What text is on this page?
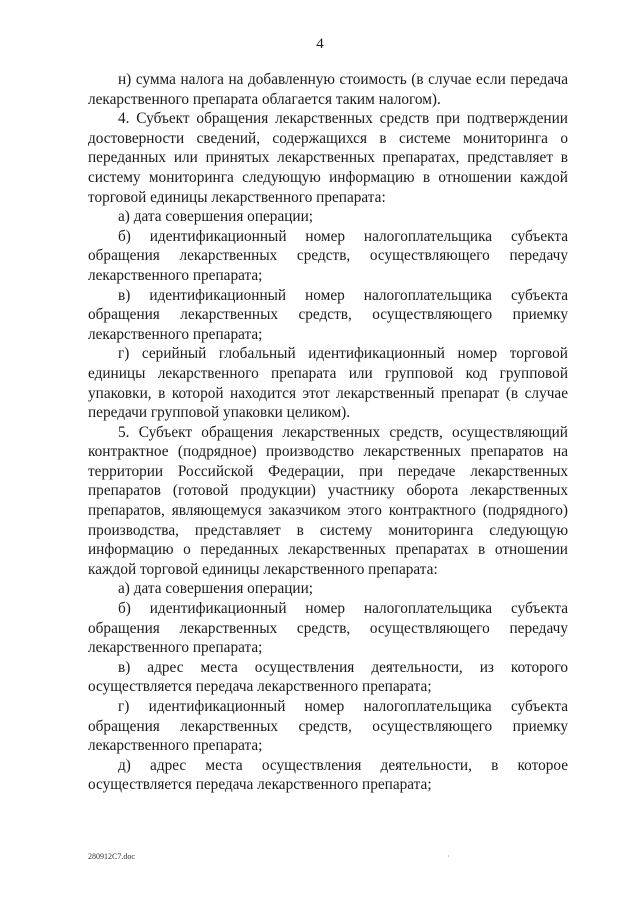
4

н) сумма налога на добавленную стоимость (в случае если передача лекарственного препарата облагается таким налогом).

4. Субъект обращения лекарственных средств при подтверждении достоверности сведений, содержащихся в системе мониторинга о переданных или принятых лекарственных препаратах, представляет в систему мониторинга следующую информацию в отношении каждой торговой единицы лекарственного препарата:

а) дата совершения операции;

б) идентификационный номер налогоплательщика субъекта обращения лекарственных средств, осуществляющего передачу лекарственного препарата;

в) идентификационный номер налогоплательщика субъекта обращения лекарственных средств, осуществляющего приемку лекарственного препарата;

г) серийный глобальный идентификационный номер торговой единицы лекарственного препарата или групповой код групповой упаковки, в которой находится этот лекарственный препарат (в случае передачи групповой упаковки целиком).

5. Субъект обращения лекарственных средств, осуществляющий контрактное (подрядное) производство лекарственных препаратов на территории Российской Федерации, при передаче лекарственных препаратов (готовой продукции) участнику оборота лекарственных препаратов, являющемуся заказчиком этого контрактного (подрядного) производства, представляет в систему мониторинга следующую информацию о переданных лекарственных препаратах в отношении каждой торговой единицы лекарственного препарата:

а) дата совершения операции;

б) идентификационный номер налогоплательщика субъекта обращения лекарственных средств, осуществляющего передачу лекарственного препарата;

в) адрес места осуществления деятельности, из которого осуществляется передача лекарственного препарата;

г) идентификационный номер налогоплательщика субъекта обращения лекарственных средств, осуществляющего приемку лекарственного препарата;

д) адрес места осуществления деятельности, в которое осуществляется передача лекарственного препарата;

280912C7.doc	·
